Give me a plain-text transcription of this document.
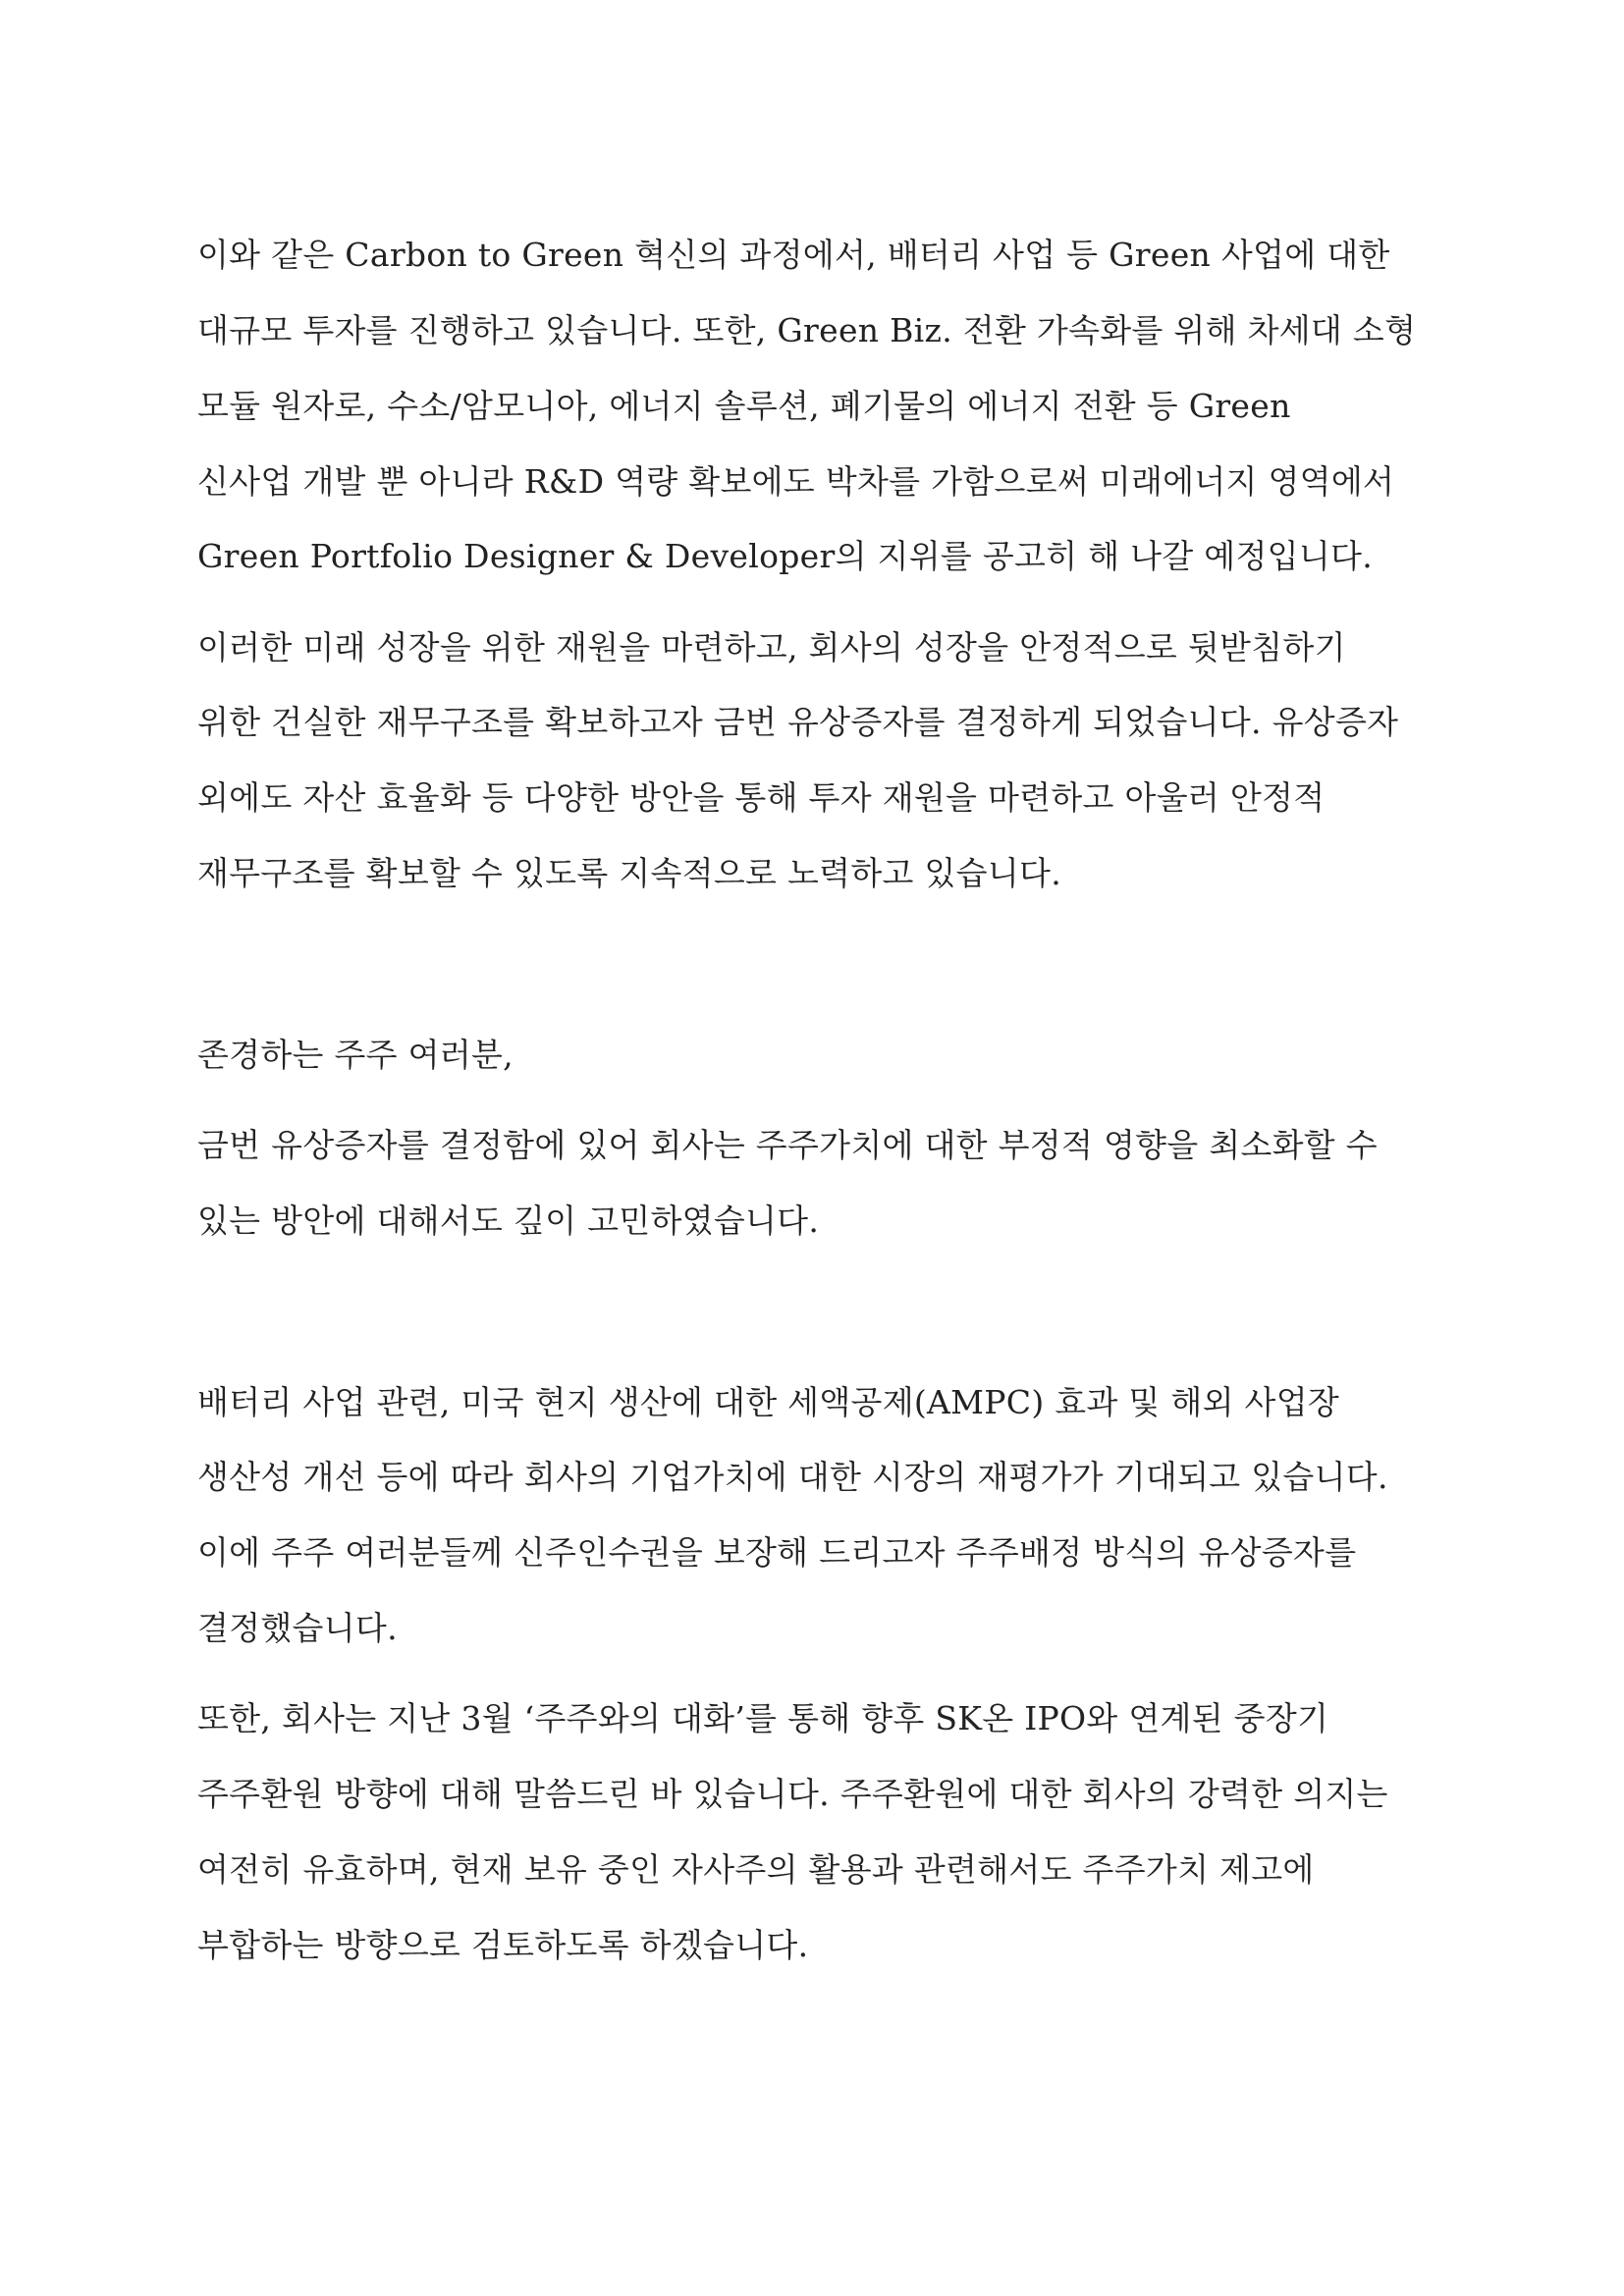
이와 같은 Carbon to Green 혁신의 과정에서, 배터리 사업 등 Green 사업에 대한
대규모 투자를 진행하고 있습니다. 또한, Green Biz. 전환 가속화를 위해 차세대 소형
모듈 원자로, 수소/암모니아, 에너지 솔루션, 폐기물의 에너지 전환 등 Green
신사업 개발 뿐 아니라 R&D 역량 확보에도 박차를 가함으로써 미래에너지 영역에서
Green Portfolio Designer & Developer의 지위를 공고히 해 나갈 예정입니다.
이러한 미래 성장을 위한 재원을 마련하고, 회사의 성장을 안정적으로 뒷받침하기
위한 건실한 재무구조를 확보하고자 금번 유상증자를 결정하게 되었습니다. 유상증자
외에도 자산 효율화 등 다양한 방안을 통해 투자 재원을 마련하고 아울러 안정적
재무구조를 확보할 수 있도록 지속적으로 노력하고 있습니다.
존경하는 주주 여러분,
금번 유상증자를 결정함에 있어 회사는 주주가치에 대한 부정적 영향을 최소화할 수
있는 방안에 대해서도 깊이 고민하였습니다.
배터리 사업 관련, 미국 현지 생산에 대한 세액공제(AMPC) 효과 및 해외 사업장
생산성 개선 등에 따라 회사의 기업가치에 대한 시장의 재평가가 기대되고 있습니다.
이에 주주 여러분들께 신주인수권을 보장해 드리고자 주주배정 방식의 유상증자를
결정했습니다.
또한, 회사는 지난 3월 ‘주주와의 대화’를 통해 향후 SK온 IPO와 연계된 중장기
주주환원 방향에 대해 말씀드린 바 있습니다. 주주환원에 대한 회사의 강력한 의지는
여전히 유효하며, 현재 보유 중인 자사주의 활용과 관련해서도 주주가치 제고에
부합하는 방향으로 검토하도록 하겠습니다.
